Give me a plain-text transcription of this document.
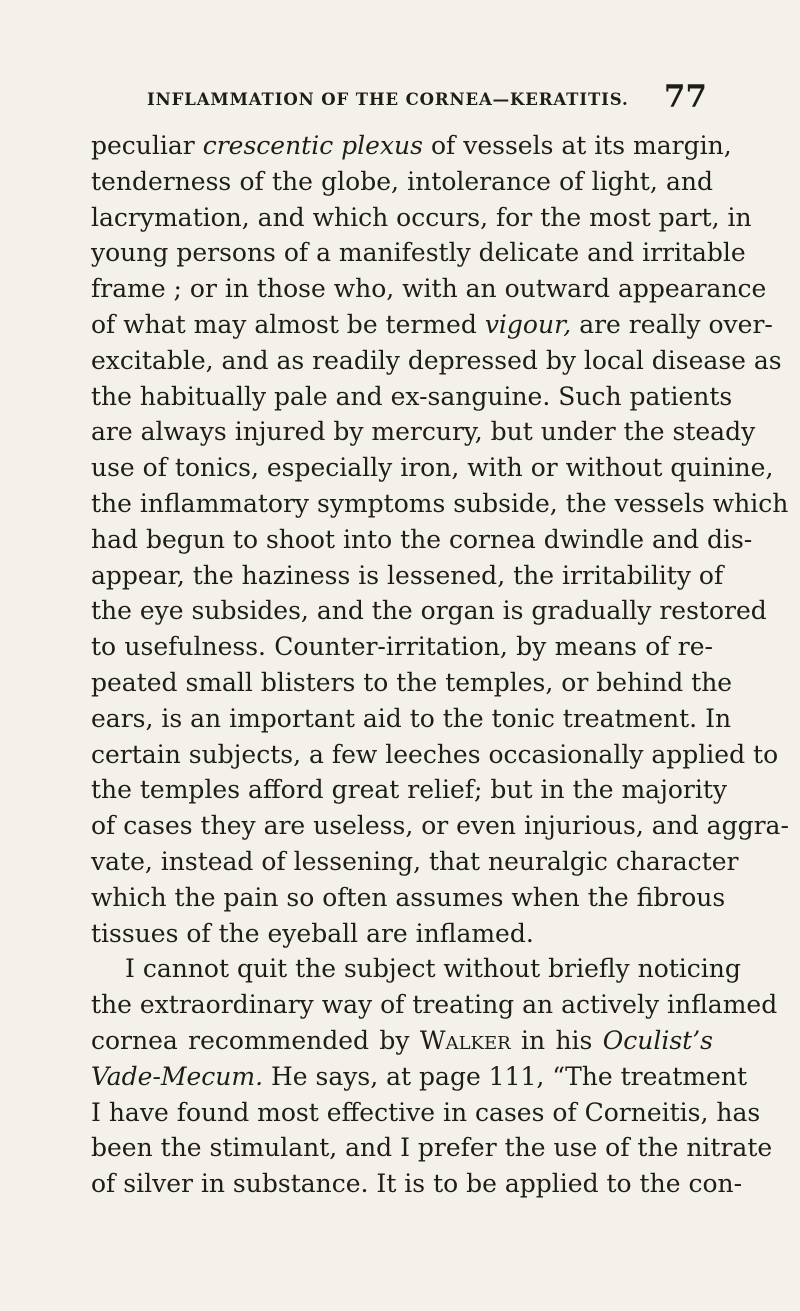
INFLAMMATION OF THE CORNEA—KERATITIS. 77
peculiar crescentic plexus of vessels at its margin,
tenderness of the globe, intolerance of light, and
lacrymation, and which occurs, for the most part, in
young persons of a manifestly delicate and irritable
frame ; or in those who, with an outward appearance
of what may almost be termed vigour, are really over-
excitable, and as readily depressed by local disease as
the habitually pale and ex-sanguine. Such patients
are always injured by mercury, but under the steady
use of tonics, especially iron, with or without quinine,
the inflammatory symptoms subside, the vessels which
had begun to shoot into the cornea dwindle and dis-
appear, the haziness is lessened, the irritability of
the eye subsides, and the organ is gradually restored
to usefulness. Counter-irritation, by means of re-
peated small blisters to the temples, or behind the
ears, is an important aid to the tonic treatment. In
certain subjects, a few leeches occasionally applied to
the temples afford great relief; but in the majority
of cases they are useless, or even injurious, and aggra-
vate, instead of lessening, that neuralgic character
which the pain so often assumes when the fibrous
tissues of the eyeball are inflamed.
I cannot quit the subject without briefly noticing
the extraordinary way of treating an actively inflamed
cornea recommended by Walker in his Oculist’s
Vade-Mecum. He says, at page 111, “The treatment
I have found most effective in cases of Corneitis, has
been the stimulant, and I prefer the use of the nitrate
of silver in substance. It is to be applied to the con-
